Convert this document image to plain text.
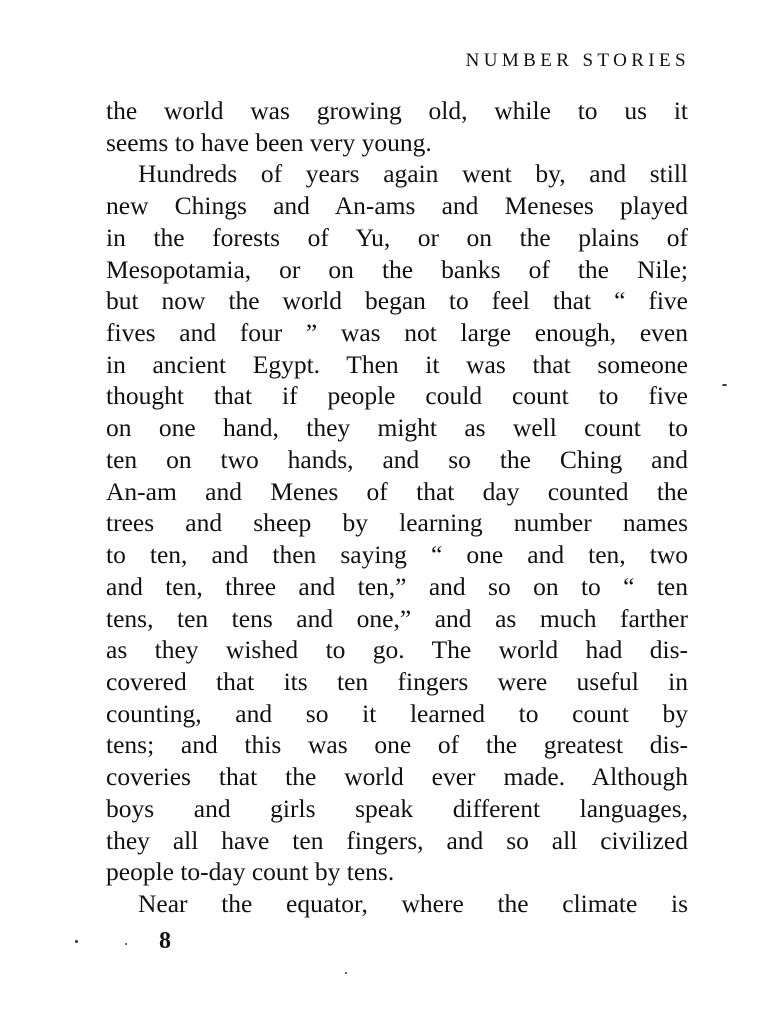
NUMBER STORIES
the world was growing old, while to us it
seems to have been very young.
Hundreds of years again went by, and still
new Chings and An-ams and Meneses played
in the forests of Yu, or on the plains of
Mesopotamia, or on the banks of the Nile;
but now the world began to feel that “ five
fives and four ” was not large enough, even
in ancient Egypt. Then it was that someone
thought that if people could count to five
on one hand, they might as well count to
ten on two hands, and so the Ching and
An-am and Menes of that day counted the
trees and sheep by learning number names
to ten, and then saying “ one and ten, two
and ten, three and ten,” and so on to “ ten
tens, ten tens and one,” and as much farther
as they wished to go. The world had dis-
covered that its ten fingers were useful in
counting, and so it learned to count by
tens; and this was one of the greatest dis-
coveries that the world ever made. Although
boys and girls speak different languages,
they all have ten fingers, and so all civilized
people to-day count by tens.
Near the equator, where the climate is
8
